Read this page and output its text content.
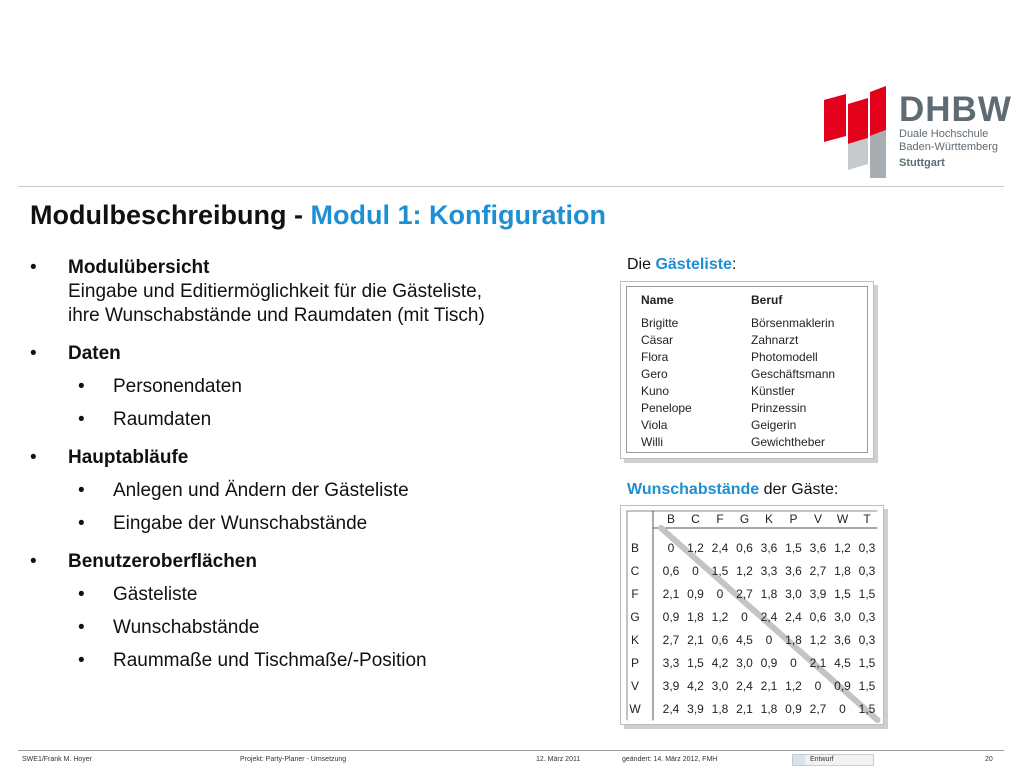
DHBW
Duale Hochschule
Baden-Württemberg
Stuttgart
Modulbeschreibung - Modul 1: Konfiguration
• Modulübersicht
Eingabe und Editiermöglichkeit für die Gästeliste,
ihre Wunschabstände und Raumdaten (mit Tisch)
• Daten
• Personendaten
• Raumdaten
• Hauptabläufe
• Anlegen und Ändern der Gästeliste
• Eingabe der Wunschabstände
• Benutzeroberflächen
• Gästeliste
• Wunschabstände
• Raummaße und Tischmaße/-Position
Die Gästeliste:
Name	Beruf
Brigitte	Börsenmaklerin
Cäsar	Zahnarzt
Flora	Photomodell
Gero	Geschäftsmann
Kuno	Künstler
Penelope	Prinzessin
Viola	Geigerin
Willi	Gewichtheber
Wunschabstände der Gäste:
B C F G K P V W T
B 0 1,2 2,4 0,6 3,6 1,5 3,6 1,2 0,3
C 0,6 0 1,5 1,2 3,3 3,6 2,7 1,8 0,3
F 2,1 0,9 0 2,7 1,8 3,0 3,9 1,5 1,5
G 0,9 1,8 1,2 0 2,4 2,4 0,6 3,0 0,3
K 2,7 2,1 0,6 4,5 0 1,8 1,2 3,6 0,3
P 3,3 1,5 4,2 3,0 0,9 0 2,1 4,5 1,5
V 3,9 4,2 3,0 2,4 2,1 1,2 0 0,9 1,5
W 2,4 3,9 1,8 2,1 1,8 0,9 2,7 0 1,5
SWE1/Frank M. Hoyer	Projekt: Party-Planer - Umsetzung	12. März 2011	geändert: 14. März 2012, FMH	Entwurf	20
